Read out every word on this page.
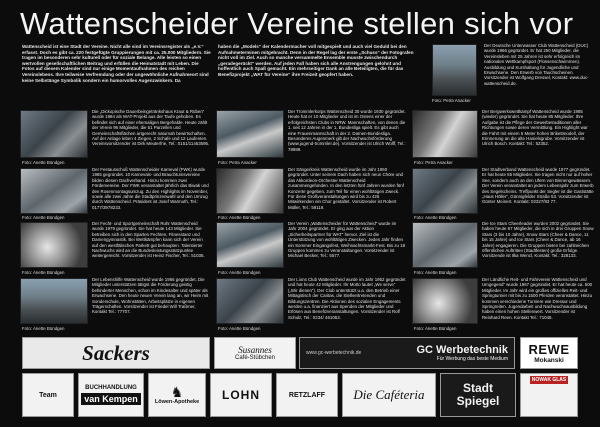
Wattenscheider Vereine stellen sich vor
Wattenscheid ist eine Stadt der Vereine. Nicht alle sind im Vereinsregister als „e.V.“ erfasst. Doch es gibt ca. 220 festgefügte Gruppierungen mit ca. 25.000 Mitgliedern. Sie tragen im besonderen sehr kulturell oder für soziale Belange. Alle leisten so einen wertvollen gesellschaftlichen Beitrag und erfüllen die Heimatstadt mit Leben. Die Fotos auf diesem Kalender sind nur einige Momentaufnahmen des reichen Vereinslebens. Ihre teilweise Verfremdung oder der ungewöhnliche Aufnahmeort sind keine Selbstänge Symbolik sondern ein humorvolles Augenzwinkern. Da
haben die „Models“ der Kalendermacher voll mitgespielt und auch viel Geduld bei den Aufnahmeterminen mitgebracht. Denn in der Regel lag der erste „Schuss“ der Fotografen nicht voll im Ziel. Auch so manche versammelte Ensemble musste zwischendurch „geradegerückt“ werden. Auf jeden Fall haben sich alle Anstrengungen gelohnt und hoffentlich auch Spaß gemacht. Ein mehrseitiger Dank an alle Beteiligten, die für das Benefizprojekt „WAT für Vereine“ ihre Freizeit geopfert haben.
Foto: Petra Anacker
Der Deutsche Unterwasser Club Wattenscheid (DUC) wurde 1966 gegründet. Er hat 250 Mitglieder, die Vereinsleben mit 25 Jahren ist sehr erfolgreich im nationalen Wettkampfsport (Flossenschwimmen). Ausbildung und Kurshaltung für Jugendliche und Erwachsene. Den Erwerb von Tauchscheinen. Vorsitzender ist Wolfgang Dressel, Kontakt: www.duc-wattenscheid.de.
Foto: Anette Bündgen
Die „Dickopische Dauerbeingetränkshaus Kraut & Rüben“ wurde 1984 als WAT-Projekt aus der Taufe gehoben. Es befindet sich auf einer ehemaligen Bergehalde. Heute zählt der Verein 96 Mitglieder, die 51 Parzellen und Gemeinschaftsflächen artgerecht naturnah bewirtschaften. Auf der Anlage leben 4 Ziegen, 2 Schafe und 12 Laufenten. Vereinsvorsitzender ist Dirk Meuterfrie, Tel.: 0151/11463595.
Foto: Petra Anacker
Der Trommlerkorps Wattenscheid 30 wurde 1930 gegründet. Heute hat er 10 Mitglieder und ist im Ostens einer der erfolgreichsten Clubs in NRW. Mannschaften, von denen die 1. seit 12 Jahren in der 1. Bundesliga spielt. Es gibt auch eine Frauenmannschaft in der 2. Damen-Bundesliga. Besonderes Augenmerk gilt der Nachwuchsförderung (www.jugend-trommler.de). Vorsitzender ist Ulrich Wolff, Tel.: 78988.
Foto: Petra Anacker
Der Bergwerkswettkampf Wattenscheid wurde 1985 (wieder) gegründet. Sie hat heute 85 Mitglieder. Ihre Aufgabe ist die Pflege der Gewerbetraditionen aller Richtungen sowie deren Vermittlung. Ein Highlight war die Fahrt mit einem 5 Meter hohen Brikettmodell, der Erinnerung an die alte Hanielsgrube. Vorsitzender ist Ulrich Bosch. Kontakt: Tel.: 52352.
Foto: Anette Bündgen
Der Festausschuß Wattenscheider Karneval (FWK) wurde 1985 gegründet. 10 Karnevals- und Brauchtumsvereine bilden diesen Dachverband. Hinzu kommen zwei Fördervereine. Der FWK veranstaltet jährlich das Biwak und den Rosenmontagsumzug. Zu den Highlights im November, sowie alle zwei Jahre die Stadtprinzenwahl und den Umzug durch Wattenscheid. Präsident ist Josef Warmuth, Tel.: 0177/3978233.
Foto: Anette Bündgen
Der Sängerkreis Wattenscheid wurde im Jahr 1950 gegründet. Unter seinem Dach haben sich neun Chöre und das Akkordeon-Orchester Wattenscheid zusammengefunden. In den letzten fünf Jahren wurden fünf Konzerte gegeben, zum Teil für einen wohltätigen Zweck. Für diese Großveranstaltungen wird bis zu 426 Mitwirkenden ein Chor gestaltet. Vorsitzender ist Robert Müller, Tel.: 59119.
Foto: Anette Bündgen
Der Stadtverband Wattenscheid wurde 1977 gegründet. Er hat heute 55 Mitglieder. Sie tragen nicht nur auf hoher See, sondern auch an den Ufern von Binnengewässern. Der Verein veranstaltet an jedem Lebensjahr zum Erwerb des Segelscheins. Treffpunkt der Segler ist die Gaststätte „Haus Höller“, Günnigfelder Straße 53. Vorsitzender ist Günter Meinert. Kontakt: 02327/83 77.
Foto: Anette Bündgen
Der Fecht- und Sportgemeinschaft Ruhr Wattenscheid wurde 1979 gegründet. Sie hat heute 143 Mitglieder. Sie betreiben sich in den Sparten Fechten, Fitnesstanz und Damengymnastik. Bei Wettkämpfen kann sich der Verein auf den westfälischen Parkett gut behaupten. Talentierter Nachwuchs wird an die Bundesleistungsstützpunkte weitergereicht. Vorsitzender ist Heinz Fischer, Tel.: 51035.
Foto: Anette Bündgen
Der Verein „Wattenscheider für Wattenscheid“ wurde im Jahr 2004 gegründet. Er ging aus der Aktion „Sicherheitspartner für WAT“ hervor. Ziel ist die Unterstützung von wohltätigen Zwecken. Jedes Jahr finden ein Sommer Eingangsfest, Weihnachtsmarkt-Fest. Bis zu 18 Gruppen kommen zu Veranstaltungen. Vorsitzender ist Michael Becker, Tel.: 5577.
Foto: Anette Bündgen
Die Ice Stars Cheerleader wurden 2002 gegründet. Sie haben heute 67 Mitglieder, die sich in drei Gruppen Snow Stars (3 bis 10 Jahre), Snow Stars (Cheer & Dance, 11 bis 15 Jahre) und Ice Stars (Cheer & Dance, ab 16 Jahre) engagieren. Die Gruppen bieten bei zahlreichen öffentlichen Auftritten (Stadtfesten) große Erfolge. Vorsitzende ist Ilka Wencl, Kontakt: Tel.: 328133.
Foto: Anette Bündgen
Der Lebenshilfe Wattenscheid wurde 1966 gegründet. Die Mitglieder unterstützen tätigst die Förderung geistig behinderter Menschen, schon im Kindesalter und später als Erwachsene. Den heute neuen Verein lang an, wir Heim mit Sonderschule, Wohnstätten, Arbeitsplätze in eigenen Trägerschaften. Vorsitzender ist Friedel Will Traßmer, Kontakt Tel.: 77707.
Foto: Anette Bündgen
Der Lions Club Wattenscheid wurde im Jahr 1962 gegründet und hat heute 42 Mitglieder. Ihr Motto lautet „We serve“ („Wir dienen“). Der Club unterstützt u.a. den Betrieb einer Mittagstisch der Caritas, die Stellvertretenden und Bildungszentren. Die Aktionen des sozialen Engagements werden u.a. finanziert aus Spenden der Mitglieder und Erlösen aus Benefizveranstaltungen. Vorsitzender ist Rolf Schulz, Tel.: 0234/ 461053.
Foto: Anette Bündgen
Der Ländliche Reit- und Fahrverein Wattenscheid und Umgegend“ wurde 1967 gegründet. Er hat heute ca. 500 Mitglieder. Im Jahr wird ein großes offizielles Reit- und Springturnier mit bis zu 1500 Pferden veranstaltet. Hinzu kommen verschiedene Turniere wie Dressur und Springreiten. Jugendarbeit und Nachwuchsausbildung haben einen hohen Stellenwert. Vorsitzender ist Reinhard Reen. Kontakt Tel.: 71045.
Sackers	Susannes
Café-Stübchen
www.gc-werbetechnik.de	GC Werbetechnik
Für Werbung das beste Medium
REWE
Mokanski
Team
BUCHHANDLUNG
van Kempen ♞
Löwen-Apotheke LOHN	RETZLAFF Die Caféteria	Stadt
Spiegel
NOWAK GLAS
